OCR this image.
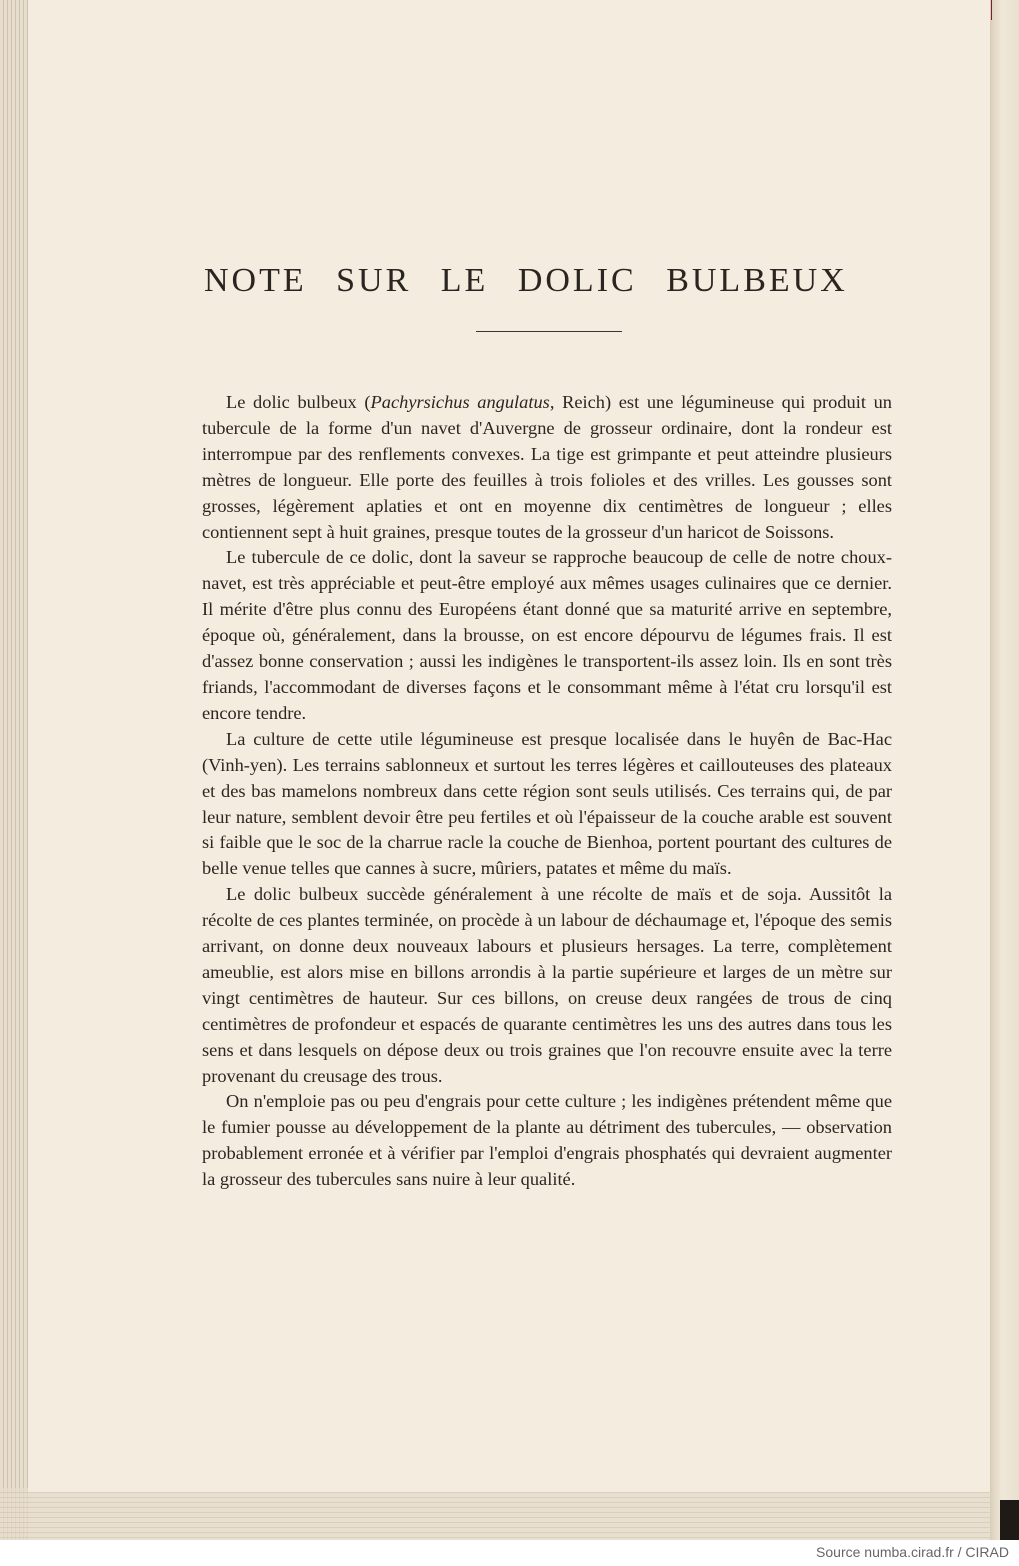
NOTE SUR LE DOLIC BULBEUX

Le dolic bulbeux (Pachyrsichus angulatus, Reich) est une légumineuse qui produit un tubercule de la forme d'un navet d'Auvergne de grosseur ordinaire, dont la rondeur est interrompue par des renflements convexes. La tige est grimpante et peut atteindre plusieurs mètres de longueur. Elle porte des feuilles à trois folioles et des vrilles. Les gousses sont grosses, légèrement aplaties et ont en moyenne dix centimètres de longueur ; elles contiennent sept à huit graines, presque toutes de la grosseur d'un haricot de Soissons.

Le tubercule de ce dolic, dont la saveur se rapproche beaucoup de celle de notre choux-navet, est très appréciable et peut-être employé aux mêmes usages culinaires que ce dernier. Il mérite d'être plus connu des Européens étant donné que sa maturité arrive en septembre, époque où, généralement, dans la brousse, on est encore dépourvu de légumes frais. Il est d'assez bonne conservation ; aussi les indigènes le transportent-ils assez loin. Ils en sont très friands, l'accommodant de diverses façons et le consommant même à l'état cru lorsqu'il est encore tendre.

La culture de cette utile légumineuse est presque localisée dans le huyên de Bac-Hac (Vinh-yen). Les terrains sablonneux et surtout les terres légères et caillouteuses des plateaux et des bas mamelons nombreux dans cette région sont seuls utilisés. Ces terrains qui, de par leur nature, semblent devoir être peu fertiles et où l'épaisseur de la couche arable est souvent si faible que le soc de la charrue racle la couche de Bienhoa, portent pourtant des cultures de belle venue telles que cannes à sucre, mûriers, patates et même du maïs.

Le dolic bulbeux succède généralement à une récolte de maïs et de soja. Aussitôt la récolte de ces plantes terminée, on procède à un labour de déchaumage et, l'époque des semis arrivant, on donne deux nouveaux labours et plusieurs hersages. La terre, complètement ameublie, est alors mise en billons arrondis à la partie supérieure et larges de un mètre sur vingt centimètres de hauteur. Sur ces billons, on creuse deux rangées de trous de cinq centimètres de profondeur et espacés de quarante centimètres les uns des autres dans tous les sens et dans lesquels on dépose deux ou trois graines que l'on recouvre ensuite avec la terre provenant du creusage des trous.

On n'emploie pas ou peu d'engrais pour cette culture ; les indigènes prétendent même que le fumier pousse au développement de la plante au détriment des tubercules, — observation probablement erronée et à vérifier par l'emploi d'engrais phosphatés qui devraient augmenter la grosseur des tubercules sans nuire à leur qualité.

Source numba.cirad.fr / CIRAD
